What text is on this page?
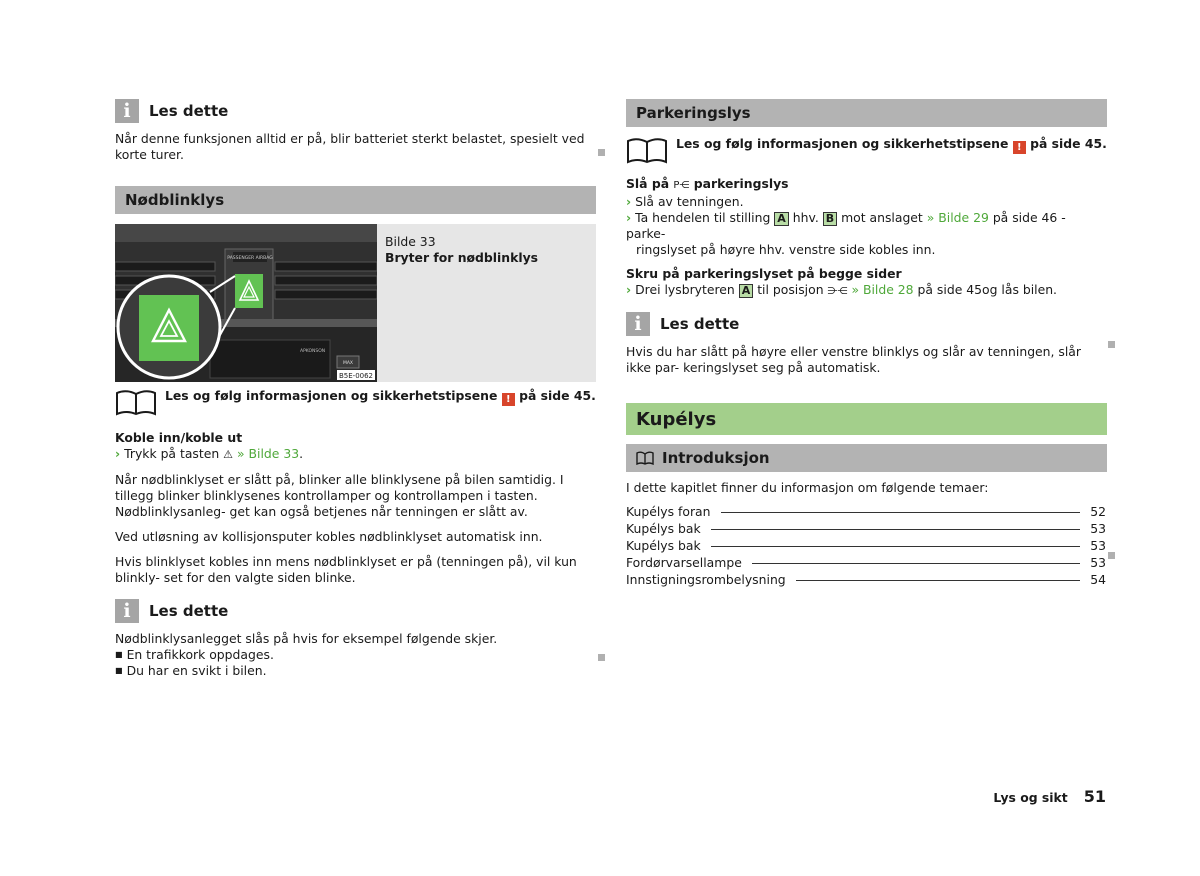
i	Les dette

Når denne funksjonen alltid er på, blir batteriet sterkt belastet, spesielt ved korte turer.

Nødblinklys
PASSENGER AIRBAG
APKONSON
MAX
B5E-0062
Bilde 33
Bryter for nødblinklys
Les og følg informasjonen og sikkerhetstipsene ! på side 45.

Koble inn/koble ut

› Trykk på tasten ⚠ » Bilde 33.

Når nødblinklyset er slått på, blinker alle blinklysene på bilen samtidig. I tillegg blinker blinklysenes kontrollamper og kontrollampen i tasten. Nødblinklysanleg- get kan også betjenes når tenningen er slått av.

Ved utløsning av kollisjonsputer kobles nødblinklyset automatisk inn.

Hvis blinklyset kobles inn mens nødblinklyset er på (tenningen på), vil kun blinkly- set for den valgte siden blinke.

i	Les dette

Nødblinklysanlegget slås på hvis for eksempel følgende skjer.

■ En trafikkork oppdages.

■ Du har en svikt i bilen.

Parkeringslys
Les og følg informasjonen og sikkerhetstipsene ! på side 45.

Slå på P⋲ parkeringslys

› Slå av tenningen.

› Ta hendelen til stilling A hhv. B mot anslaget » Bilde 29 på side 46 - parke-

ringslyset på høyre hhv. venstre side kobles inn.

Skru på parkeringslyset på begge sider

› Drei lysbryteren A til posisjon ⋺⋲ » Bilde 28 på side 45og lås bilen.

i	Les dette

Hvis du har slått på høyre eller venstre blinklys og slår av tenningen, slår ikke par- keringslyset seg på automatisk.

Kupélys
Introduksjon

I dette kapitlet finner du informasjon om følgende temaer:

Kupélys foran	52
Kupélys bak	53
Kupélys bak	53
Fordørvarsellampe	53
Innstigningsrombelysning	54
Lys og sikt 51
